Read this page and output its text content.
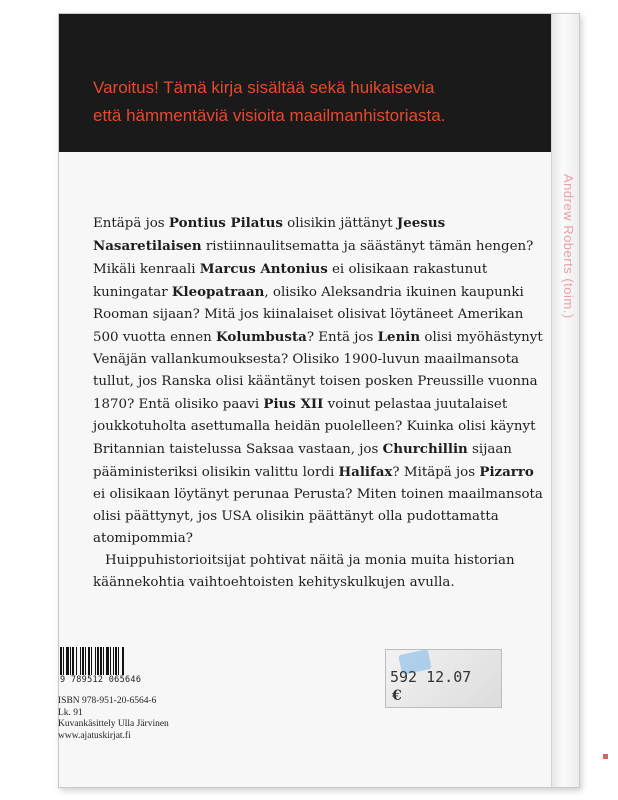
Varoitus! Tämä kirja sisältää sekä huikaisevia
että hämmentäviä visioita maailmanhistoriasta.

Andrew Roberts (toim.)

Entäpä jos Pontius Pilatus olisikin jättänyt Jeesus Nasaretilaisen ristiinnaulitsematta ja säästänyt tämän hengen? Mikäli kenraali Marcus Antonius ei olisikaan rakastunut kuningatar Kleopatraan, olisiko Aleksandria ikuinen kaupunki Rooman sijaan? Mitä jos kiinalaiset olisivat löytäneet Amerikan 500 vuotta ennen Kolumbusta? Entä jos Lenin olisi myöhästynyt Venäjän vallankumouksesta? Olisiko 1900-luvun maailmansota tullut, jos Ranska olisi kääntänyt toisen posken Preussille vuonna 1870? Entä olisiko paavi Pius XII voinut pelastaa juutalaiset joukkotuholta asettumalla heidän puolelleen? Kuinka olisi käynyt Britannian taistelussa Saksaa vastaan, jos Churchillin sijaan pääministeriksi olisikin valittu lordi Halifax? Mitäpä jos Pizarro ei olisikaan löytänyt perunaa Perusta? Miten toinen maailmansota olisi päättynyt, jos USA olisikin päättänyt olla pudottamatta atomipommia?

Huippuhistorioitsijat pohtivat näitä ja monia muita historian käännekohtia vaihtoehtoisten kehityskulkujen avulla.

9 789512 065646	592 12.07
€
ISBN 978-951-20-6564-6
Lk. 91
Kuvankäsittely Ulla Järvinen
www.ajatuskirjat.fi
